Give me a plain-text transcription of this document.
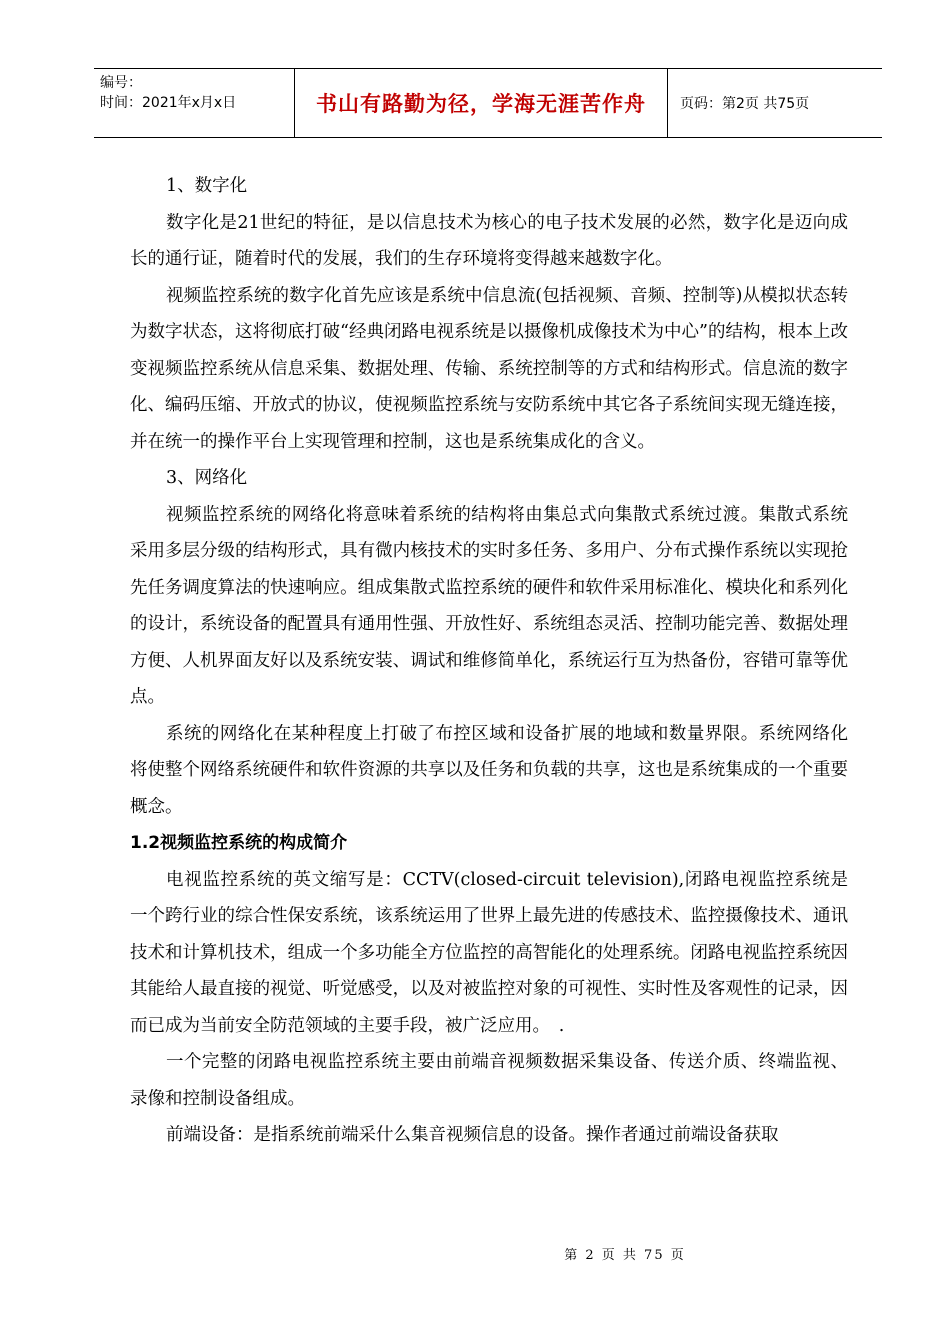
编号：
时间：2021年x月x日	书山有路勤为径，学海无涯苦作舟	页码：第2页 共75页

1、数字化

数字化是21世纪的特征，是以信息技术为核心的电子技术发展的必然，数字化是迈向成长的通行证，随着时代的发展，我们的生存环境将变得越来越数字化。

视频监控系统的数字化首先应该是系统中信息流(包括视频、音频、控制等)从模拟状态转为数字状态，这将彻底打破“经典闭路电视系统是以摄像机成像技术为中心”的结构，根本上改变视频监控系统从信息采集、数据处理、传输、系统控制等的方式和结构形式。信息流的数字化、编码压缩、开放式的协议，使视频监控系统与安防系统中其它各子系统间实现无缝连接，并在统一的操作平台上实现管理和控制，这也是系统集成化的含义。

3、网络化

视频监控系统的网络化将意味着系统的结构将由集总式向集散式系统过渡。集散式系统采用多层分级的结构形式，具有微内核技术的实时多任务、多用户、分布式操作系统以实现抢先任务调度算法的快速响应。组成集散式监控系统的硬件和软件采用标准化、模块化和系列化的设计，系统设备的配置具有通用性强、开放性好、系统组态灵活、控制功能完善、数据处理方便、人机界面友好以及系统安装、调试和维修简单化，系统运行互为热备份，容错可靠等优点。

系统的网络化在某种程度上打破了布控区域和设备扩展的地域和数量界限。系统网络化将使整个网络系统硬件和软件资源的共享以及任务和负载的共享，这也是系统集成的一个重要概念。

1.2视频监控系统的构成简介

电视监控系统的英文缩写是：CCTV(closed-circuit television),闭路电视监控系统是一个跨行业的综合性保安系统，该系统运用了世界上最先进的传感技术、监控摄像技术、通讯技术和计算机技术，组成一个多功能全方位监控的高智能化的处理系统。闭路电视监控系统因其能给人最直接的视觉、听觉感受，以及对被监控对象的可视性、实时性及客观性的记录，因而已成为当前安全防范领域的主要手段，被广泛应用。　.

一个完整的闭路电视监控系统主要由前端音视频数据采集设备、传送介质、终端监视、录像和控制设备组成。

前端设备：是指系统前端采什么集音视频信息的设备。操作者通过前端设备获取

第 2 页 共 75 页
